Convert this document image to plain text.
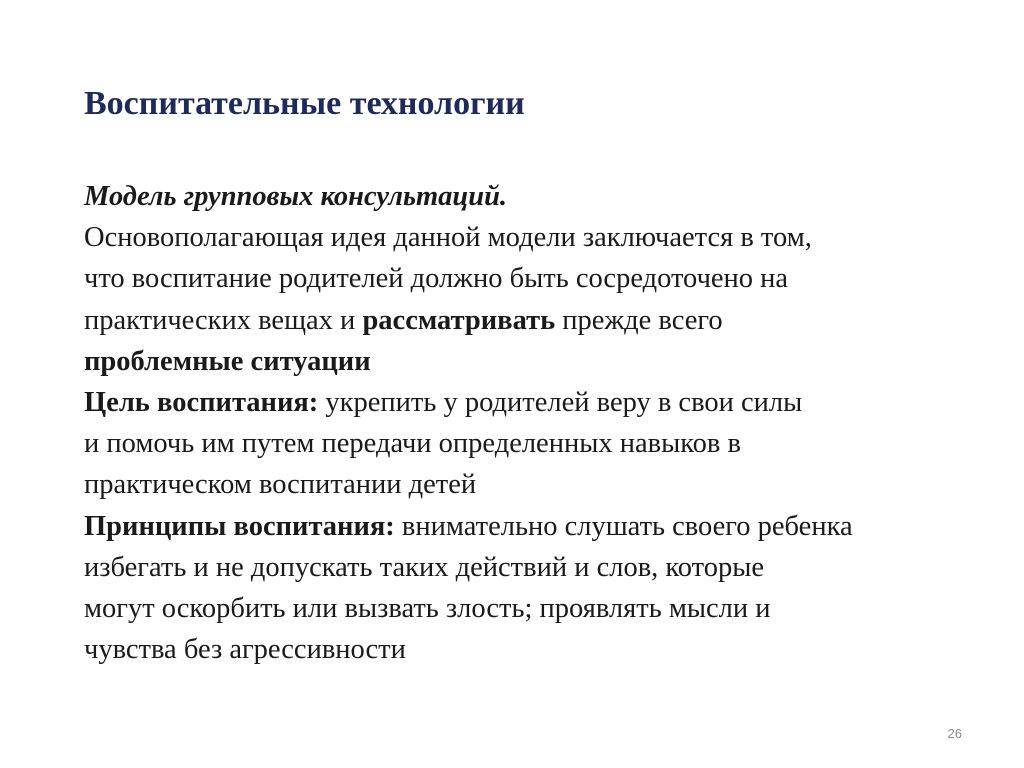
Воспитательные технологии
Модель групповых консультаций.
Основополагающая идея данной модели заключается в том,
что воспитание родителей должно быть сосредоточено на
практических вещах и рассматривать прежде всего
проблемные ситуации
Цель воспитания: укрепить у родителей веру в свои силы
и помочь им путем передачи определенных навыков в
практическом воспитании детей
Принципы воспитания: внимательно слушать своего ребенка
избегать и не допускать таких действий и слов, которые
могут оскорбить или вызвать злость; проявлять мысли и
чувства без агрессивности
26
